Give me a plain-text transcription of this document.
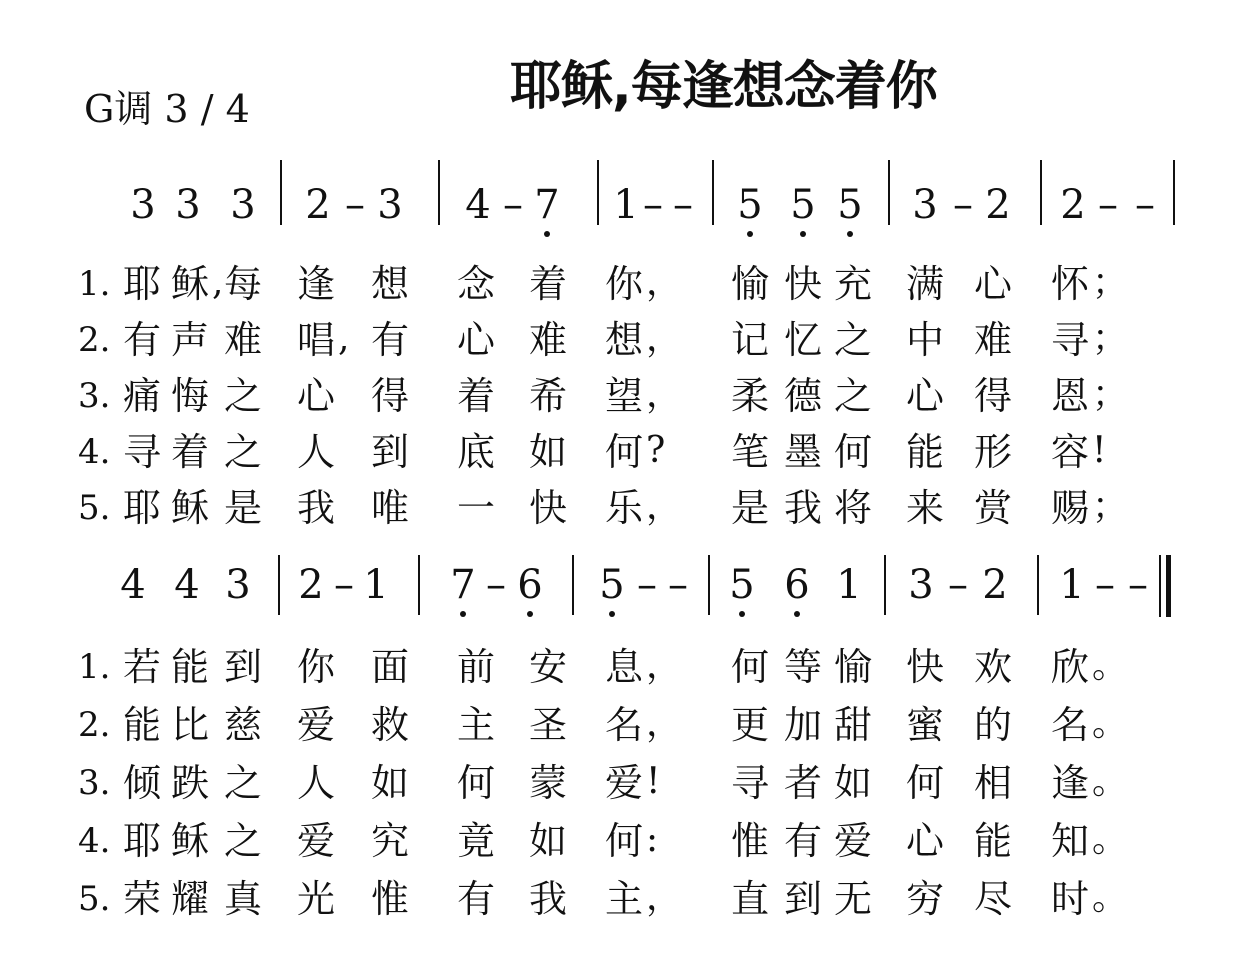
G调 3 / 4	耶稣,每逢想念着你
3 3 3 2 – 3 4 – 7 1 – – 5 5 5 3 – 2 2 – –
4 4 3 2 – 1 7 – 6 5 – – 5 6 1 3 – 2 1 – –
1. 耶 稣 每 逢 想 念 着 你 愉 快 充 满 心 怀
,	，	；
2. 有 声 难 唱 有 心 难 想 记 忆 之 中 难 寻
,	，	；
3. 痛 悔 之 心 得 着 希 望 柔 德 之 心 得 恩
，	；
4. 寻 着 之 人 到 底 如 何 笔 墨 何 能 形 容
?	!
5. 耶 稣 是 我 唯 一 快 乐 是 我 将 来 赏 赐
，	；
1. 若 能 到 你 面 前 安 息 何 等 愉 快 欢 欣
，	。
2. 能 比 慈 爱 救 主 圣 名 更 加 甜 蜜 的 名
，	。
3. 倾 跌 之 人 如 何 蒙 爱 寻 者 如 何 相 逢
!	。
4. 耶 稣 之 爱 究 竟 如 何 惟 有 爱 心 能 知
:	。
5. 荣 耀 真 光 惟 有 我 主 直 到 无 穷 尽 时
，	。
